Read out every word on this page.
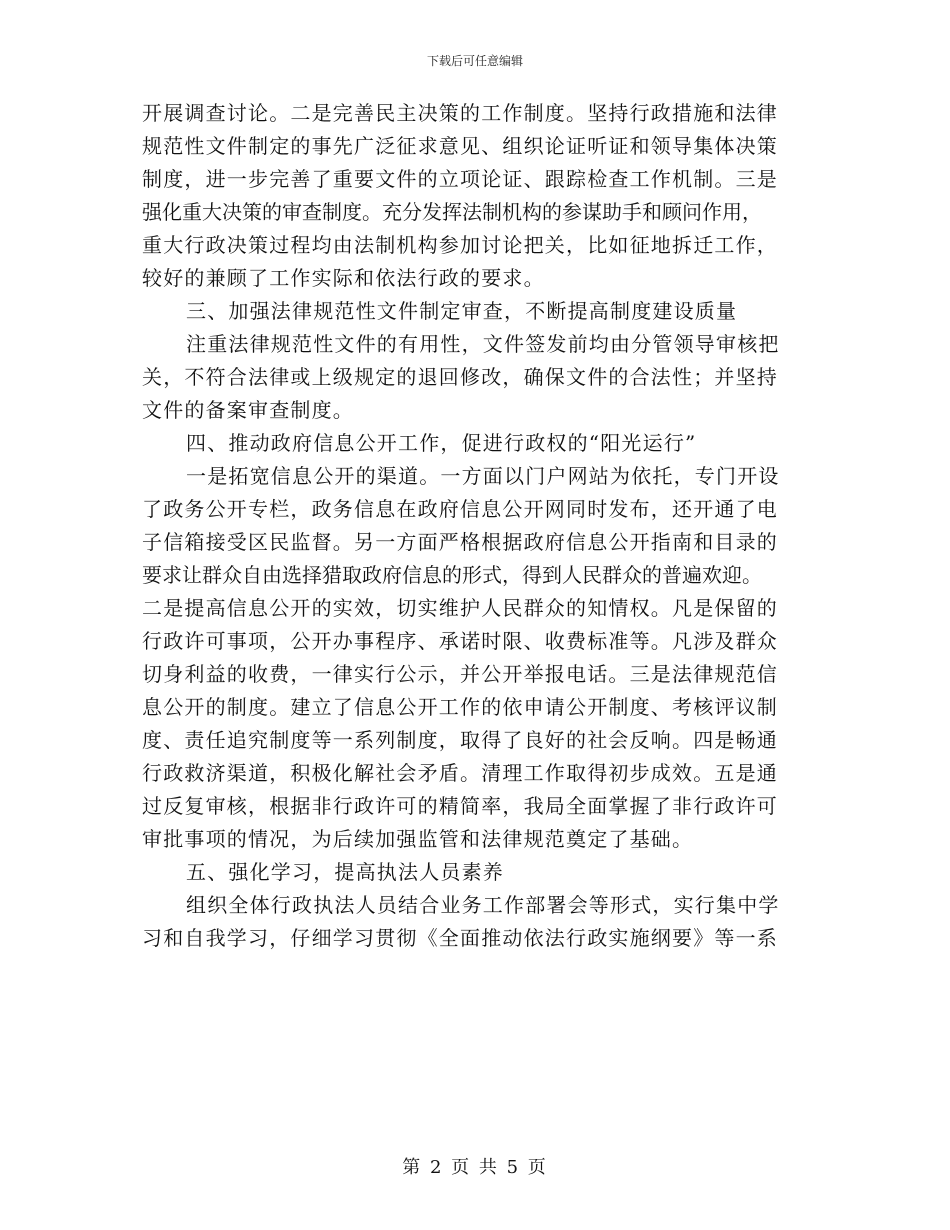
下载后可任意编辑
开展调查讨论。二是完善民主决策的工作制度。坚持行政措施和法律
规范性文件制定的事先广泛征求意见、组织论证听证和领导集体决策
制度，进一步完善了重要文件的立项论证、跟踪检查工作机制。三是
强化重大决策的审查制度。充分发挥法制机构的参谋助手和顾问作用，
重大行政决策过程均由法制机构参加讨论把关，比如征地拆迁工作，
较好的兼顾了工作实际和依法行政的要求。
三、加强法律规范性文件制定审查，不断提高制度建设质量
注重法律规范性文件的有用性，文件签发前均由分管领导审核把
关，不符合法律或上级规定的退回修改，确保文件的合法性；并坚持
文件的备案审查制度。
四、推动政府信息公开工作，促进行政权的“阳光运行”
一是拓宽信息公开的渠道。一方面以门户网站为依托，专门开设
了政务公开专栏，政务信息在政府信息公开网同时发布，还开通了电
子信箱接受区民监督。另一方面严格根据政府信息公开指南和目录的
要求让群众自由选择猎取政府信息的形式，得到人民群众的普遍欢迎。
二是提高信息公开的实效，切实维护人民群众的知情权。凡是保留的
行政许可事项，公开办事程序、承诺时限、收费标准等。凡涉及群众
切身利益的收费，一律实行公示，并公开举报电话。三是法律规范信
息公开的制度。建立了信息公开工作的依申请公开制度、考核评议制
度、责任追究制度等一系列制度，取得了良好的社会反响。四是畅通
行政救济渠道，积极化解社会矛盾。清理工作取得初步成效。五是通
过反复审核，根据非行政许可的精简率，我局全面掌握了非行政许可
审批事项的情况，为后续加强监管和法律规范奠定了基础。
五、强化学习，提高执法人员素养
组织全体行政执法人员结合业务工作部署会等形式，实行集中学
习和自我学习，仔细学习贯彻《全面推动依法行政实施纲要》等一系
第 2 页 共 5 页
